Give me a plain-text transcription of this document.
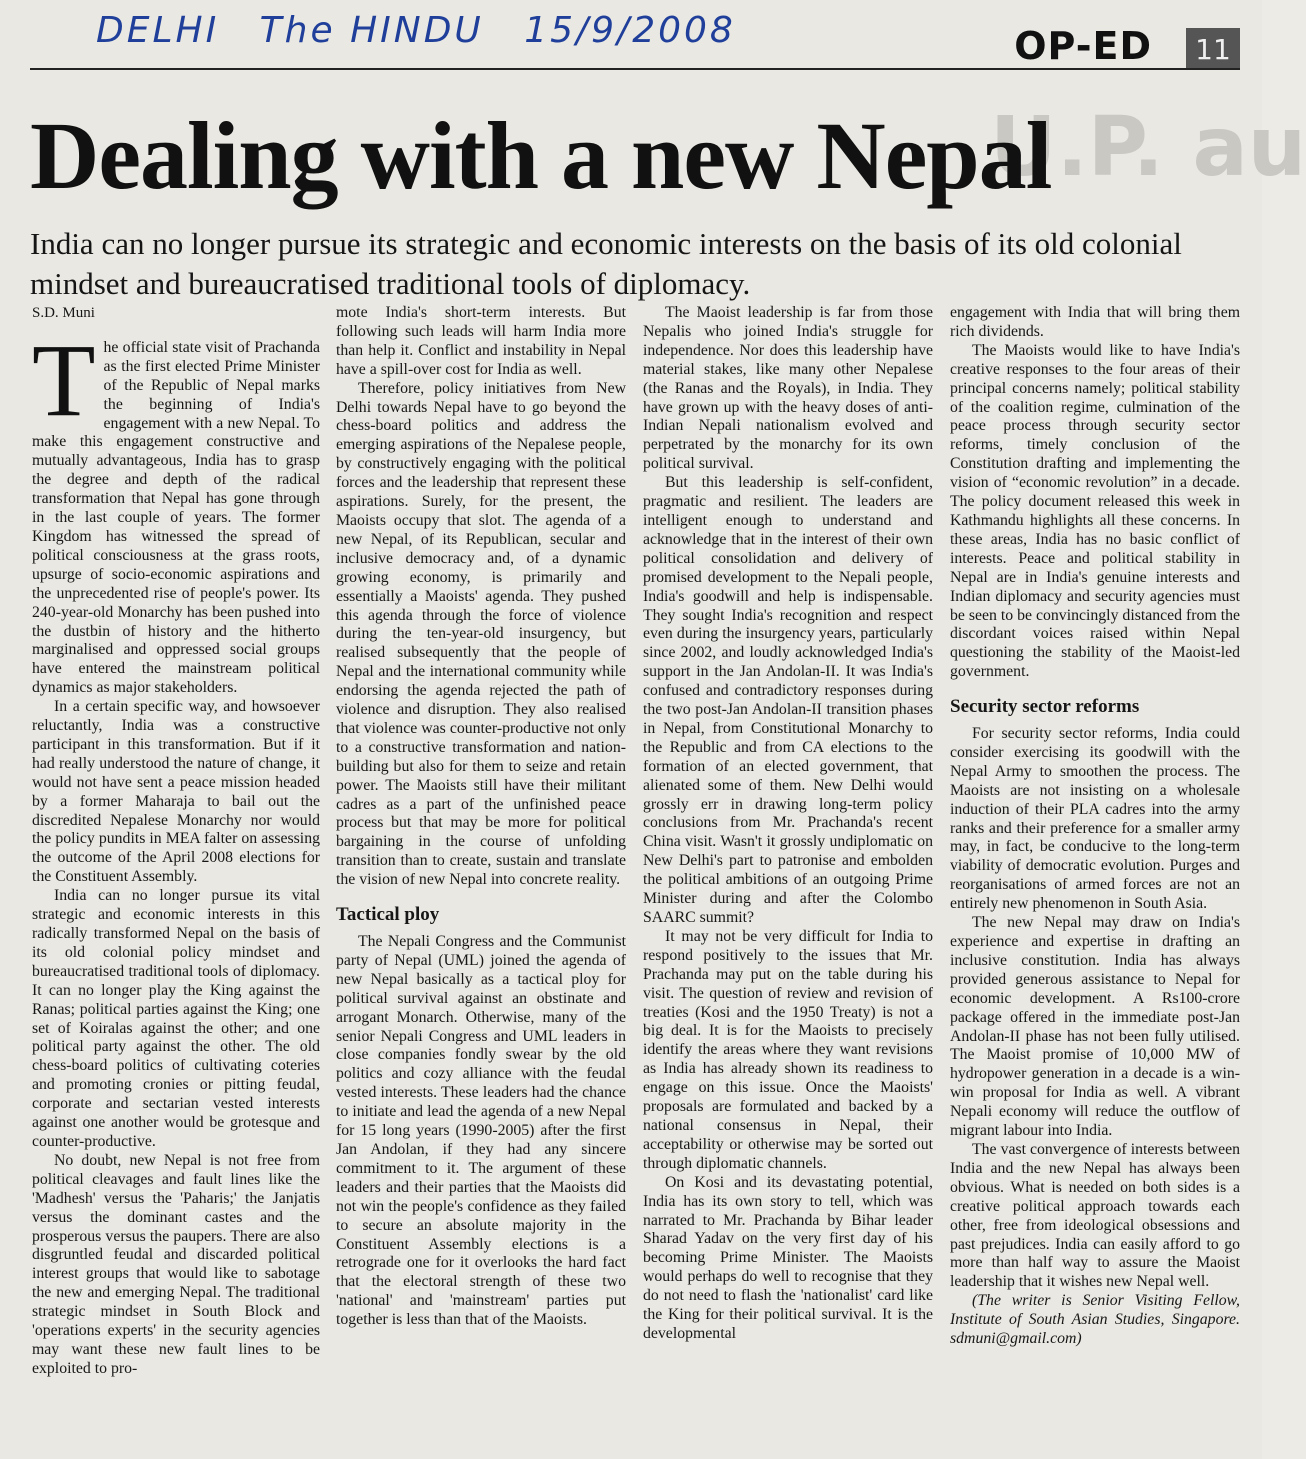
DELHI The HINDU 15/9/2008	OP-ED	11
U.P. au
Dealing with a new Nepal
India can no longer pursue its strategic and economic interests on the basis of its old colonial mindset and bureaucratised traditional tools of diplomacy.
S.D. Muni

The official state visit of Prachanda as the first elected Prime Minister of the Republic of Nepal marks the beginning of India's engagement with a new Nepal. To make this engagement constructive and mutually advantageous, India has to grasp the degree and depth of the radical transformation that Nepal has gone through in the last couple of years. The former Kingdom has witnessed the spread of political consciousness at the grass roots, upsurge of socio-economic aspirations and the unprecedented rise of people's power. Its 240-year-old Monarchy has been pushed into the dustbin of history and the hitherto marginalised and oppressed social groups have entered the mainstream political dynamics as major stakeholders.

In a certain specific way, and howsoever reluctantly, India was a constructive participant in this transformation. But if it had really understood the nature of change, it would not have sent a peace mission headed by a former Maharaja to bail out the discredited Nepalese Monarchy nor would the policy pundits in MEA falter on assessing the outcome of the April 2008 elections for the Constituent Assembly.

India can no longer pursue its vital strategic and economic interests in this radically transformed Nepal on the basis of its old colonial policy mindset and bureaucratised traditional tools of diplomacy. It can no longer play the King against the Ranas; political parties against the King; one set of Koiralas against the other; and one political party against the other. The old chess-board politics of cultivating coteries and promoting cronies or pitting feudal, corporate and sectarian vested interests against one another would be grotesque and counter-productive.

No doubt, new Nepal is not free from political cleavages and fault lines like the 'Madhesh' versus the 'Paharis;' the Janjatis versus the dominant castes and the prosperous versus the paupers. There are also disgruntled feudal and discarded political interest groups that would like to sabotage the new and emerging Nepal. The traditional strategic mindset in South Block and 'operations experts' in the security agencies may want these new fault lines to be exploited to pro-

mote India's short-term interests. But following such leads will harm India more than help it. Conflict and instability in Nepal have a spill-over cost for India as well.

Therefore, policy initiatives from New Delhi towards Nepal have to go beyond the chess-board politics and address the emerging aspirations of the Nepalese people, by constructively engaging with the political forces and the leadership that represent these aspirations. Surely, for the present, the Maoists occupy that slot. The agenda of a new Nepal, of its Republican, secular and inclusive democracy and, of a dynamic growing economy, is primarily and essentially a Maoists' agenda. They pushed this agenda through the force of violence during the ten-year-old insurgency, but realised subsequently that the people of Nepal and the international community while endorsing the agenda rejected the path of violence and disruption. They also realised that violence was counter-productive not only to a constructive transformation and nation-building but also for them to seize and retain power. The Maoists still have their militant cadres as a part of the unfinished peace process but that may be more for political bargaining in the course of unfolding transition than to create, sustain and translate the vision of new Nepal into concrete reality.

Tactical ploy

The Nepali Congress and the Communist party of Nepal (UML) joined the agenda of new Nepal basically as a tactical ploy for political survival against an obstinate and arrogant Monarch. Otherwise, many of the senior Nepali Congress and UML leaders in close companies fondly swear by the old politics and cozy alliance with the feudal vested interests. These leaders had the chance to initiate and lead the agenda of a new Nepal for 15 long years (1990-2005) after the first Jan Andolan, if they had any sincere commitment to it. The argument of these leaders and their parties that the Maoists did not win the people's confidence as they failed to secure an absolute majority in the Constituent Assembly elections is a retrograde one for it overlooks the hard fact that the electoral strength of these two 'national' and 'mainstream' parties put together is less than that of the Maoists.

The Maoist leadership is far from those Nepalis who joined India's struggle for independence. Nor does this leadership have material stakes, like many other Nepalese (the Ranas and the Royals), in India. They have grown up with the heavy doses of anti-Indian Nepali nationalism evolved and perpetrated by the monarchy for its own political survival.

But this leadership is self-confident, pragmatic and resilient. The leaders are intelligent enough to understand and acknowledge that in the interest of their own political consolidation and delivery of promised development to the Nepali people, India's goodwill and help is indispensable. They sought India's recognition and respect even during the insurgency years, particularly since 2002, and loudly acknowledged India's support in the Jan Andolan-II. It was India's confused and contradictory responses during the two post-Jan Andolan-II transition phases in Nepal, from Constitutional Monarchy to the Republic and from CA elections to the formation of an elected government, that alienated some of them. New Delhi would grossly err in drawing long-term policy conclusions from Mr. Prachanda's recent China visit. Wasn't it grossly undiplomatic on New Delhi's part to patronise and embolden the political ambitions of an outgoing Prime Minister during and after the Colombo SAARC summit?

It may not be very difficult for India to respond positively to the issues that Mr. Prachanda may put on the table during his visit. The question of review and revision of treaties (Kosi and the 1950 Treaty) is not a big deal. It is for the Maoists to precisely identify the areas where they want revisions as India has already shown its readiness to engage on this issue. Once the Maoists' proposals are formulated and backed by a national consensus in Nepal, their acceptability or otherwise may be sorted out through diplomatic channels.

On Kosi and its devastating potential, India has its own story to tell, which was narrated to Mr. Prachanda by Bihar leader Sharad Yadav on the very first day of his becoming Prime Minister. The Maoists would perhaps do well to recognise that they do not need to flash the 'nationalist' card like the King for their political survival. It is the developmental

engagement with India that will bring them rich dividends.

The Maoists would like to have India's creative responses to the four areas of their principal concerns namely; political stability of the coalition regime, culmination of the peace process through security sector reforms, timely conclusion of the Constitution drafting and implementing the vision of “economic revolution” in a decade. The policy document released this week in Kathmandu highlights all these concerns. In these areas, India has no basic conflict of interests. Peace and political stability in Nepal are in India's genuine interests and Indian diplomacy and security agencies must be seen to be convincingly distanced from the discordant voices raised within Nepal questioning the stability of the Maoist-led government.

Security sector reforms

For security sector reforms, India could consider exercising its goodwill with the Nepal Army to smoothen the process. The Maoists are not insisting on a wholesale induction of their PLA cadres into the army ranks and their preference for a smaller army may, in fact, be conducive to the long-term viability of democratic evolution. Purges and reorganisations of armed forces are not an entirely new phenomenon in South Asia.

The new Nepal may draw on India's experience and expertise in drafting an inclusive constitution. India has always provided generous assistance to Nepal for economic development. A Rs100-crore package offered in the immediate post-Jan Andolan-II phase has not been fully utilised. The Maoist promise of 10,000 MW of hydropower generation in a decade is a win-win proposal for India as well. A vibrant Nepali economy will reduce the outflow of migrant labour into India.

The vast convergence of interests between India and the new Nepal has always been obvious. What is needed on both sides is a creative political approach towards each other, free from ideological obsessions and past prejudices. India can easily afford to go more than half way to assure the Maoist leadership that it wishes new Nepal well.

(The writer is Senior Visiting Fellow, Institute of South Asian Studies, Singapore. sdmuni@gmail.com)
